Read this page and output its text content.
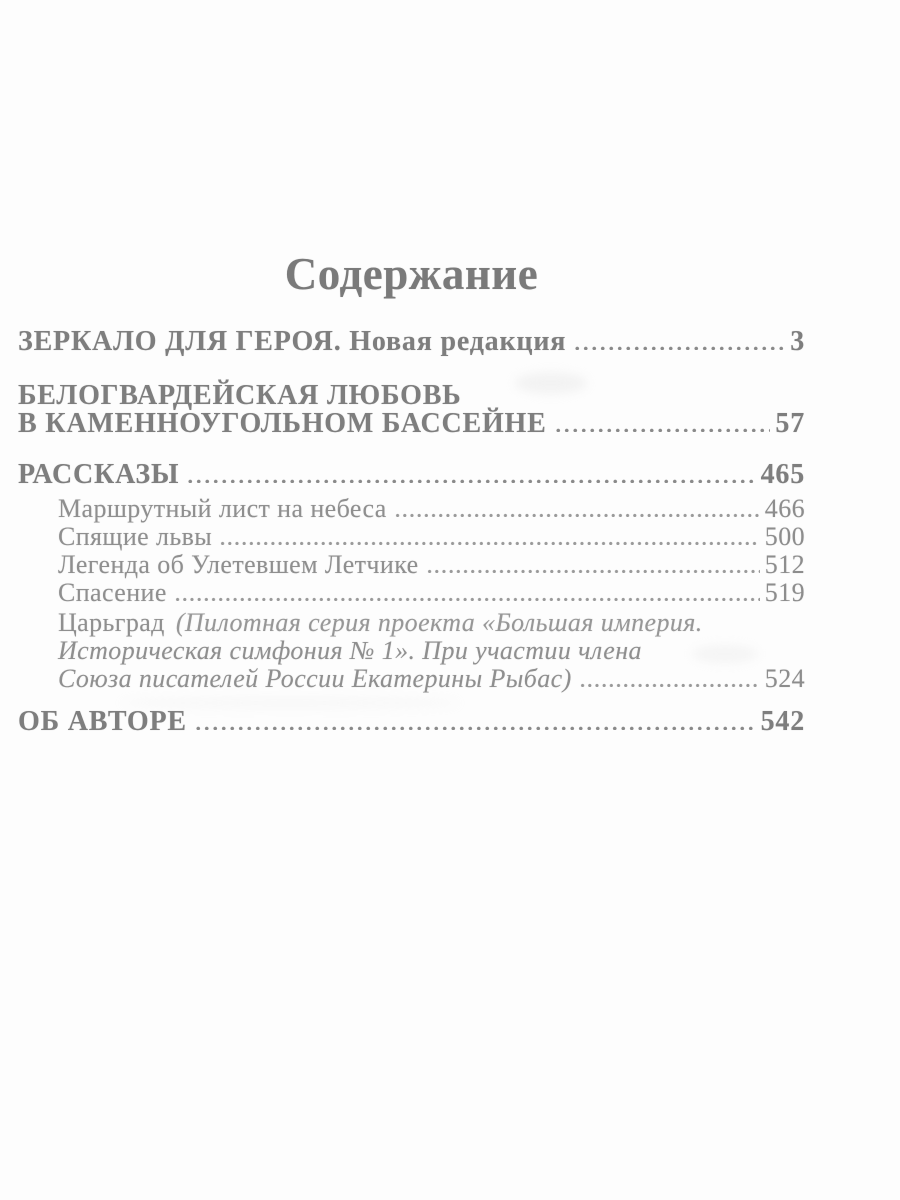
Содержание
ЗЕРКАЛО ДЛЯ ГЕРОЯ. Новая редакция	3
БЕЛОГВАРДЕЙСКАЯ ЛЮБОВЬ
В КАМЕННОУГОЛЬНОМ БАССЕЙНЕ	57
РАССКАЗЫ	465
Маршрутный лист на небеса	466
Спящие львы	500
Легенда об Улетевшем Летчике	512
Спасение	519
Царьград (Пилотная серия проекта «Большая империя.
Историческая симфония № 1». При участии члена
Союза писателей России Екатерины Рыбас)	524
ОБ АВТОРЕ	542
